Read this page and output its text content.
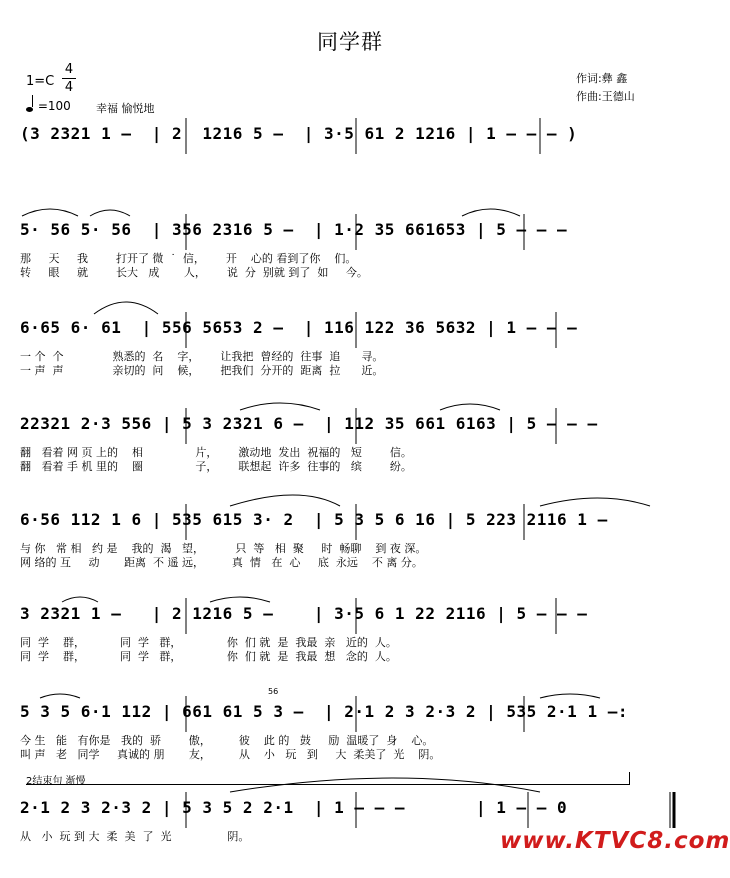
同学群
1=C
4
4
=100 幸福 愉悦地
作词:彝 鑫
作曲:王德山
(3 2321 1 –  | 2  1216 5 –  | 3·5 61 2 1216 | 1 – – – )
5· 56 5· 56  | 356 2316 5 –  | 1·2 35 661653 | 5 – – –
那     天     我        打开了 微  ˙  信，      开    心的 看到了你    们。
转     眼     就        长大   成       人，      说  分  别就 到了  如     今。
6·65 6· 61  | 556 5653 2 –  | 116 122 36 5632 | 1 – – –
一 个  个              熟悉的  名    字，      让我把  曾经的  往事  追      寻。
一 声  声              亲切的  问    候，      把我们  分开的  距离  拉      近。
22321 2·3 556 | 5 3 2321 6 –  | 112 35 661 6163 | 5 – – –
翻   看着 网 页 上的    相               片，      激动地  发出  祝福的   短        信。
翻   看着 手 机 里的    圈               子，      联想起  许多  往事的   缤        纷。
6·56 112 1 6 | 535 615 3· 2  | 5 3 5 6 16 | 5 223 2116 1 –
与 你   常 相   约 是    我的  渴   望，         只  等   相  聚     时  畅聊    到 夜 深。
网 络的 互     动       距离  不 遥 远，        真  情   在  心     底  永远    不 离 分。
3 2321 1 –   | 2 1216 5 –    | 3·5 6 1 22 2116 | 5 – – –
同  学    群，          同  学   群，             你  们 就  是  我最  亲   近的  人。
同  学    群，          同  学   群，             你  们 就  是  我最  想   念的  人。
5 3 5 6·1 112 | 661 61 5 3 –  | 2·1 2 3 2·3 2 | 535 2·1 1 –:
今 生   能   有你是   我的  骄        傲，        彼    此 的   鼓     励  温暖了  身    心。
叫 声   老   同学     真诚的 朋       友，        从    小   玩   到     大  柔美了  光    阴。
56
2结束句 渐慢
2·1 2 3 2·3 2 | 5 3 5 2 2·1  | 1 – – –       | 1 – – 0
从   小  玩 到 大  柔  美  了  光                阴。	www.KTVC8.com
